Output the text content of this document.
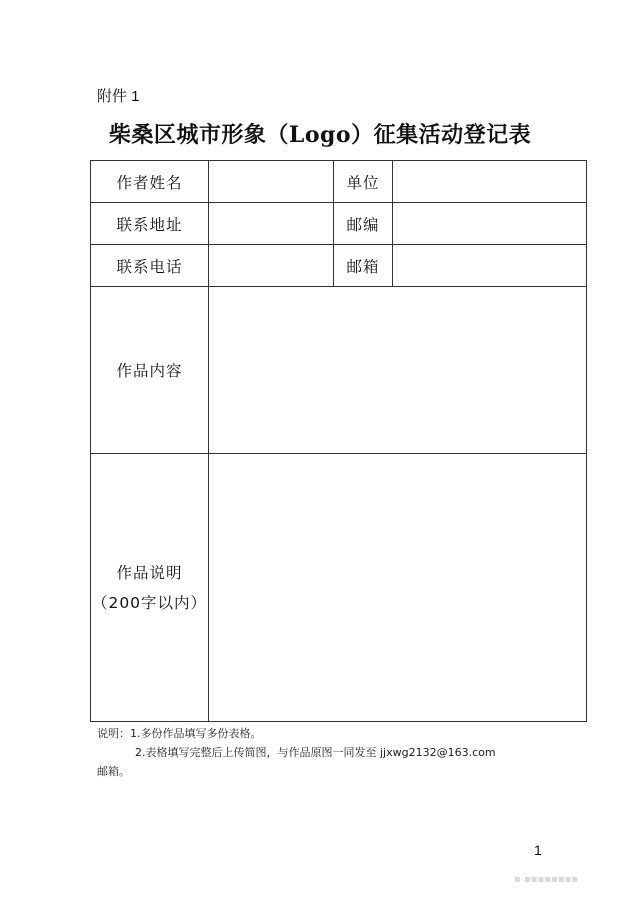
附件 1
柴桑区城市形象（Logo）征集活动登记表
作者姓名		单位	
联系地址		邮编	
联系电话		邮箱	
作品内容			

作品说明
（200字以内）			

说明：1.多份作品填写多份表格。
2.表格填写完整后上传简图，与作品原图一同发至 jjxwg2132@163.com
邮箱。
1
▪ ▪▪▪▪▪▪▪▪
